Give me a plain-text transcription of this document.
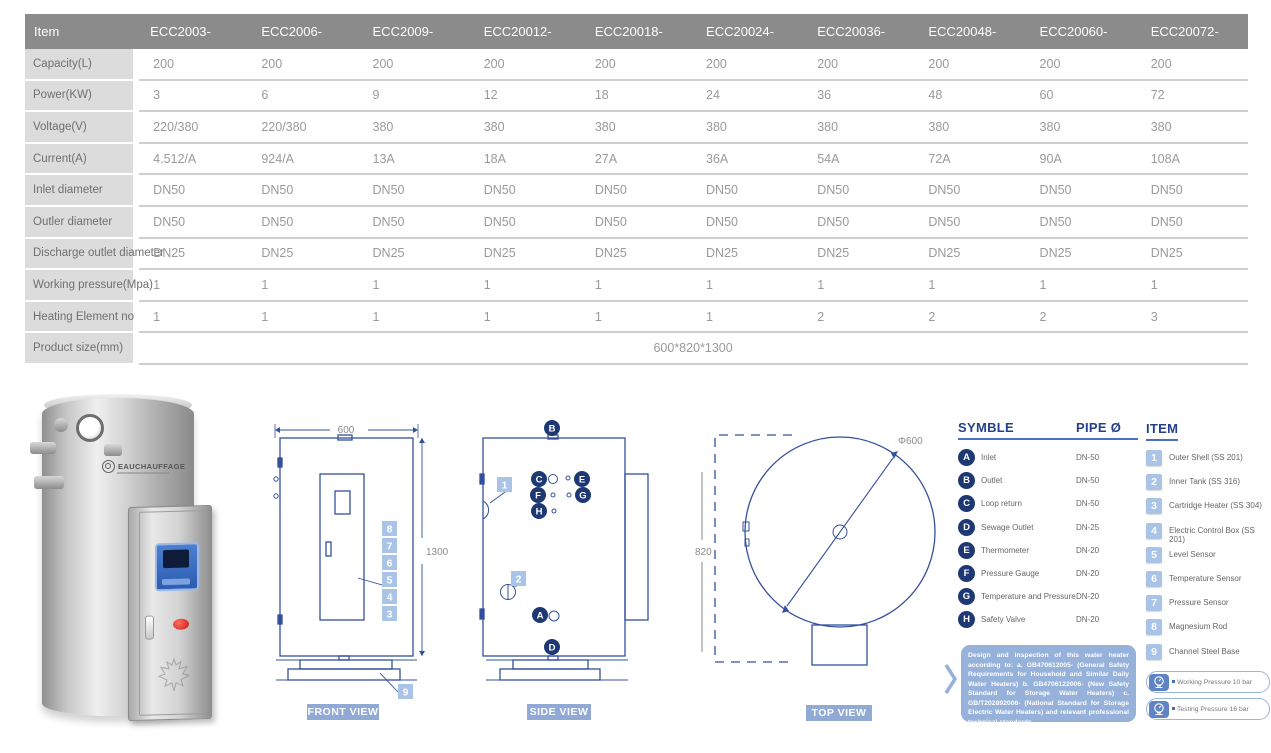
Item	ECC2003-	ECC2006-	ECC2009-	ECC20012-	ECC20018-	ECC20024-	ECC20036-	ECC20048-	ECC20060-	ECC20072-
Capacity(L)	200	200	200	200	200	200	200	200	200	200
Power(KW)	3	6	9	12	18	24	36	48	60	72
Voltage(V)	220/380	220/380	380	380	380	380	380	380	380	380
Current(A)	4.512/A	924/A	13A	18A	27A	36A	54A	72A	90A	108A
Inlet diameter	DN50	DN50	DN50	DN50	DN50	DN50	DN50	DN50	DN50	DN50
Outler diameter	DN50	DN50	DN50	DN50	DN50	DN50	DN50	DN50	DN50	DN50
Discharge outlet diameter	DN25	DN25	DN25	DN25	DN25	DN25	DN25	DN25	DN25	DN25
Working pressure(Mpa)	1	1	1	1	1	1	1	1	1	1
Heating Element no	1	1	1	1	1	1	2	2	2	3
Product size(mm)	600*820*1300									
EAUCHAUFFAGE
600
1300
8
7
6
5
4
3
9
FRONT VIEW
B
C	E
F	G
H
A
D
1
2
SIDE VIEW
820
Φ600
TOP VIEW
SYMBLE	PIPE Ø
A	Inlet	DN-50
B	Outlet	DN-50
C	Loop return	DN-50
D	Sewage Outlet	DN-25
E	Thermometer	DN-20
F	Pressure Gauge	DN-20
G	Temperature and Pressure DN-20
H	Safety Valve	DN-20
ITEM
1	Outer Shell (SS 201)
2	Inner Tank (SS 316)
3	Cartridge Heater (SS 304)
4	Electric Control Box (SS 201)
5	Level Sensor
6	Temperature Sensor
7	Pressure Sensor
8	Magnesium Rod
9	Channel Steel Base
Design and inspection of this water heater according to: a. GB470612005- (General Safety Requirements for Household and Similar Daily Water Heaters) b. GB4706122006- (New Safety Standard for Storage Water Heaters) c. GB/T202892006- (National Standard for Storage Electric Water Heaters) and relevant professional technical standards.
Working Pressure 10 bar
Testing Pressure 16 bar
